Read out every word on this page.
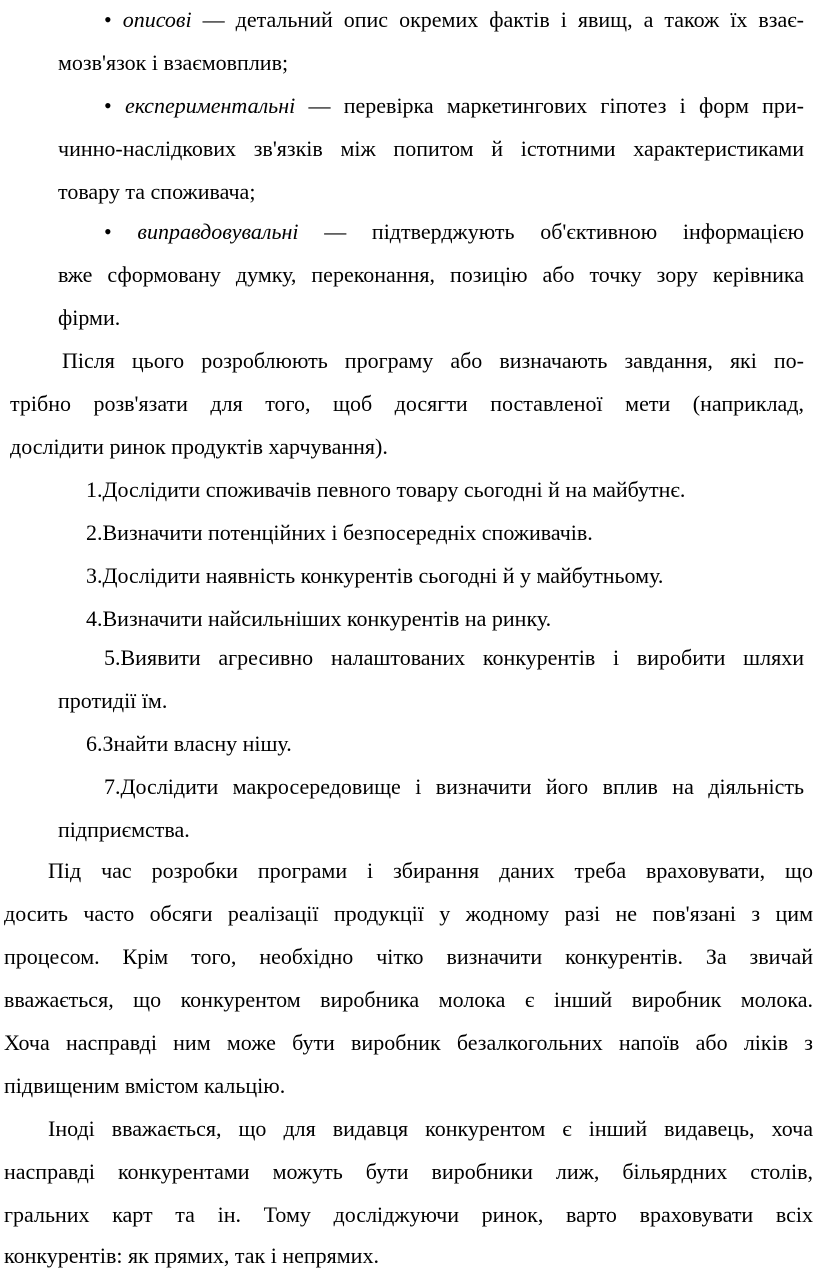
• описові — детальний опис окремих фактів і явищ, а також їх взає-
мозв'язок і взаємовплив;
• експериментальні — перевірка маркетингових гіпотез і форм при-
чинно-наслідкових зв'язків між попитом й істотними характеристиками
товару та споживача;
• виправдовувальні — підтверджують об'єктивною інформацією
вже сформовану думку, переконання, позицію або точку зору керівника
фірми.
Після цього розроблюють програму або визначають завдання, які по-
трібно розв'язати для того, щоб досягти поставленої мети (наприклад,
дослідити ринок продуктів харчування).
1.Дослідити споживачів певного товару сьогодні й на майбутнє.
2.Визначити потенційних і безпосередніх споживачів.
3.Дослідити наявність конкурентів сьогодні й у майбутньому.
4.Визначити найсильніших конкурентів на ринку.
5.Виявити агресивно налаштованих конкурентів і виробити шляхи
протидії їм.
6.Знайти власну нішу.
7.Дослідити макросередовище і визначити його вплив на діяльність
підприємства.
Під час розробки програми і збирання даних треба враховувати, що
досить часто обсяги реалізації продукції у жодному разі не пов'язані з цим
процесом. Крім того, необхідно чітко визначити конкурентів. За звичай
вважається, що конкурентом виробника молока є інший виробник молока.
Хоча насправді ним може бути виробник безалкогольних напоїв або ліків з
підвищеним вмістом кальцію.
Іноді вважається, що для видавця конкурентом є інший видавець, хоча
насправді конкурентами можуть бути виробники лиж, більярдних столів,
гральних карт та ін. Тому досліджуючи ринок, варто враховувати всіх
конкурентів: як прямих, так і непрямих.
